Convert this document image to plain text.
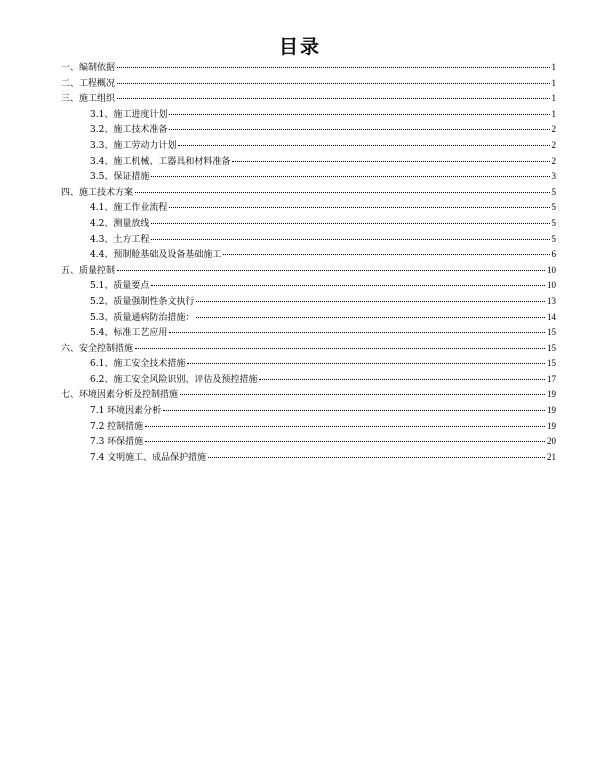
目录
一、编制依据	1
二、工程概况	1
三、施工组织	1
3.1、施工进度计划	1
3.2、施工技术准备	2
3.3、施工劳动力计划	2
3.4、施工机械、工器具和材料准备	2
3.5、保证措施	3
四、施工技术方案	5
4.1、施工作业流程	5
4.2、测量放线	5
4.3、土方工程	5
4.4、预制舱基础及设备基础施工	6
五、质量控制	10
5.1、质量要点	10
5.2、质量强制性条文执行	13
5.3、质量通病防治措施：	14
5.4、标准工艺应用	15
六、安全控制措施	15
6.1、施工安全技术措施	15
6.2、施工安全风险识别、评估及预控措施	17
七、环境因素分析及控制措施	19
7.1 环境因素分析	19
7.2 控制措施	19
7.3 环保措施	20
7.4 文明施工、成品保护措施	21
